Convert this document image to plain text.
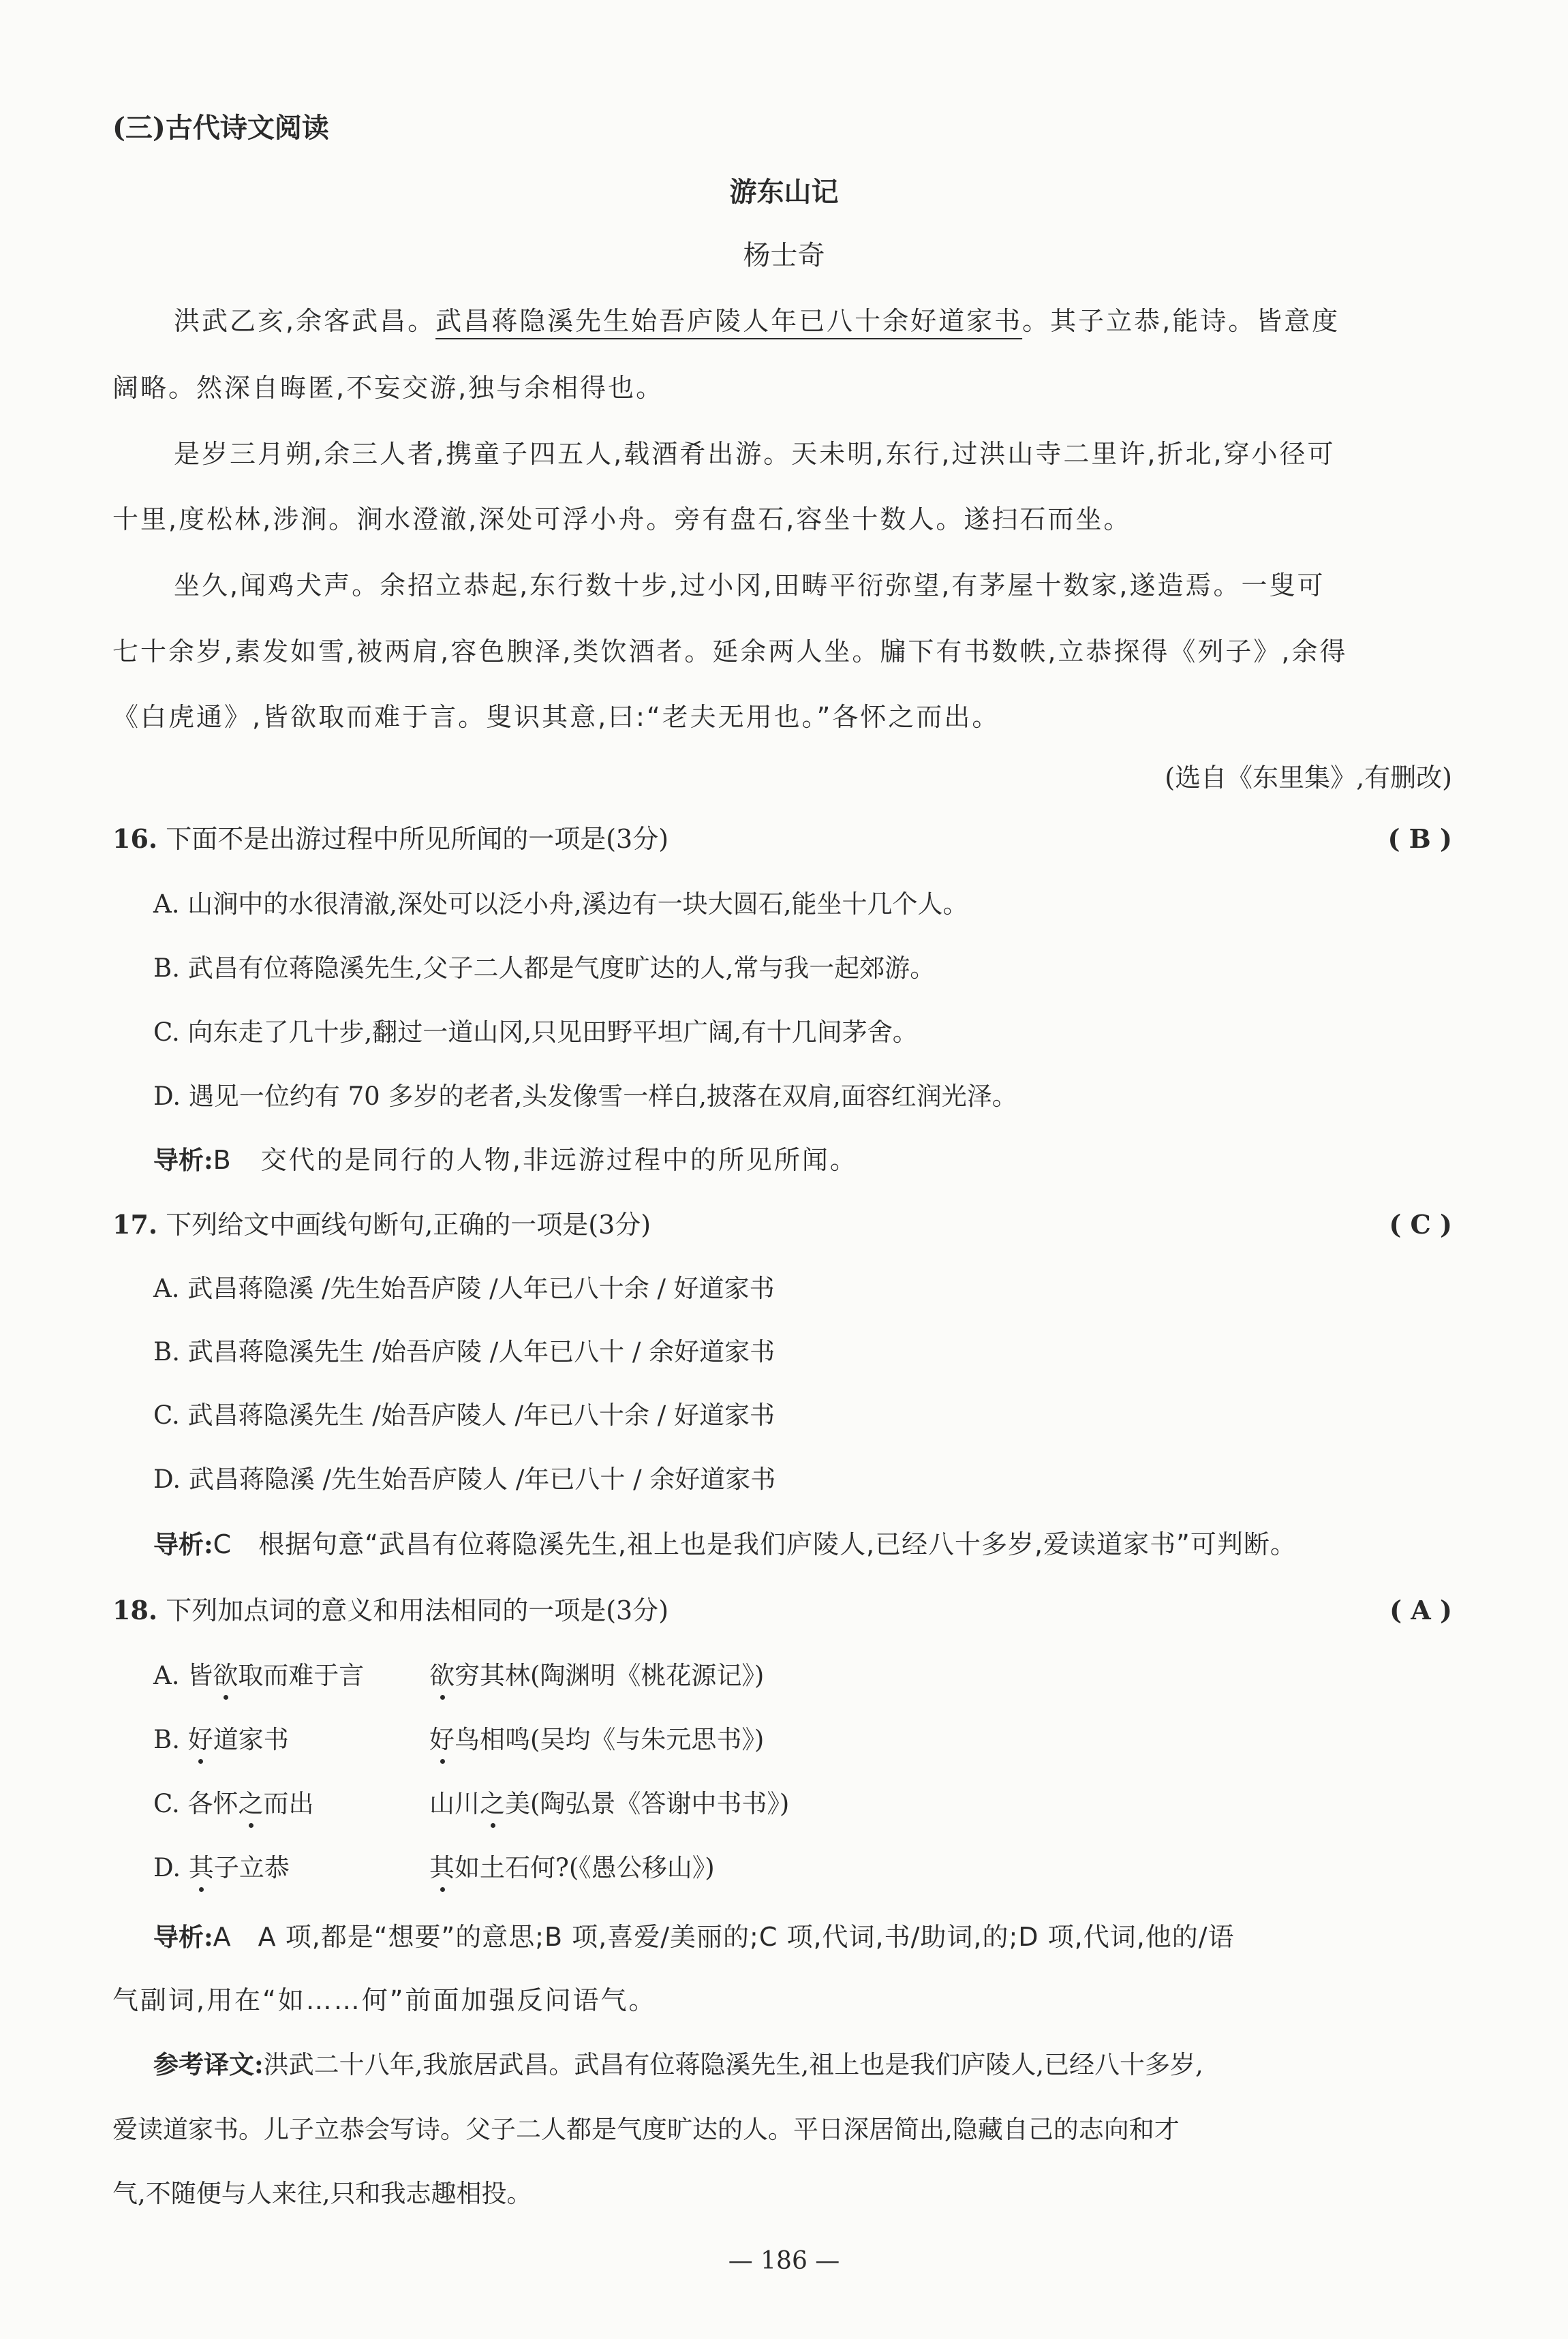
(三)古代诗文阅读
游东山记
杨士奇
洪武乙亥,余客武昌。武昌蒋隐溪先生始吾庐陵人年已八十余好道家书。其子立恭,能诗。皆意度
阔略。然深自晦匿,不妄交游,独与余相得也。
是岁三月朔,余三人者,携童子四五人,载酒肴出游。天未明,东行,过洪山寺二里许,折北,穿小径可
十里,度松林,涉涧。涧水澄澈,深处可浮小舟。旁有盘石,容坐十数人。遂扫石而坐。
坐久,闻鸡犬声。余招立恭起,东行数十步,过小冈,田畴平衍弥望,有茅屋十数家,遂造焉。一叟可
七十余岁,素发如雪,被两肩,容色腴泽,类饮酒者。延余两人坐。牖下有书数帙,立恭探得《列子》,余得
《白虎通》,皆欲取而难于言。叟识其意,曰:“老夫无用也。”各怀之而出。
(选自《东里集》,有删改)
16. 下面不是出游过程中所见所闻的一项是(3分)	( B )
A. 山涧中的水很清澈,深处可以泛小舟,溪边有一块大圆石,能坐十几个人。
B. 武昌有位蒋隐溪先生,父子二人都是气度旷达的人,常与我一起郊游。
C. 向东走了几十步,翻过一道山冈,只见田野平坦广阔,有十几间茅舍。
D. 遇见一位约有 70 多岁的老者,头发像雪一样白,披落在双肩,面容红润光泽。
导析:B　交代的是同行的人物,非远游过程中的所见所闻。
17. 下列给文中画线句断句,正确的一项是(3分)	( C )
A. 武昌蒋隐溪 /先生始吾庐陵 /人年已八十余 / 好道家书
B. 武昌蒋隐溪先生 /始吾庐陵 /人年已八十 / 余好道家书
C. 武昌蒋隐溪先生 /始吾庐陵人 /年已八十余 / 好道家书
D. 武昌蒋隐溪 /先生始吾庐陵人 /年已八十 / 余好道家书
导析:C　根据句意“武昌有位蒋隐溪先生,祖上也是我们庐陵人,已经八十多岁,爱读道家书”可判断。
18. 下列加点词的意义和用法相同的一项是(3分)	( A )
A. 皆欲取而难于言	欲穷其林(陶渊明《桃花源记》)
B. 好道家书	好鸟相鸣(吴均《与朱元思书》)
C. 各怀之而出	山川之美(陶弘景《答谢中书书》)
D. 其子立恭	其如土石何?(《愚公移山》)
导析:A　A 项,都是“想要”的意思;B 项,喜爱/美丽的;C 项,代词,书/助词,的;D 项,代词,他的/语
气副词,用在“如……何”前面加强反问语气。
参考译文:洪武二十八年,我旅居武昌。武昌有位蒋隐溪先生,祖上也是我们庐陵人,已经八十多岁,
爱读道家书。儿子立恭会写诗。父子二人都是气度旷达的人。平日深居简出,隐藏自己的志向和才
气,不随便与人来往,只和我志趣相投。
— 186 —
